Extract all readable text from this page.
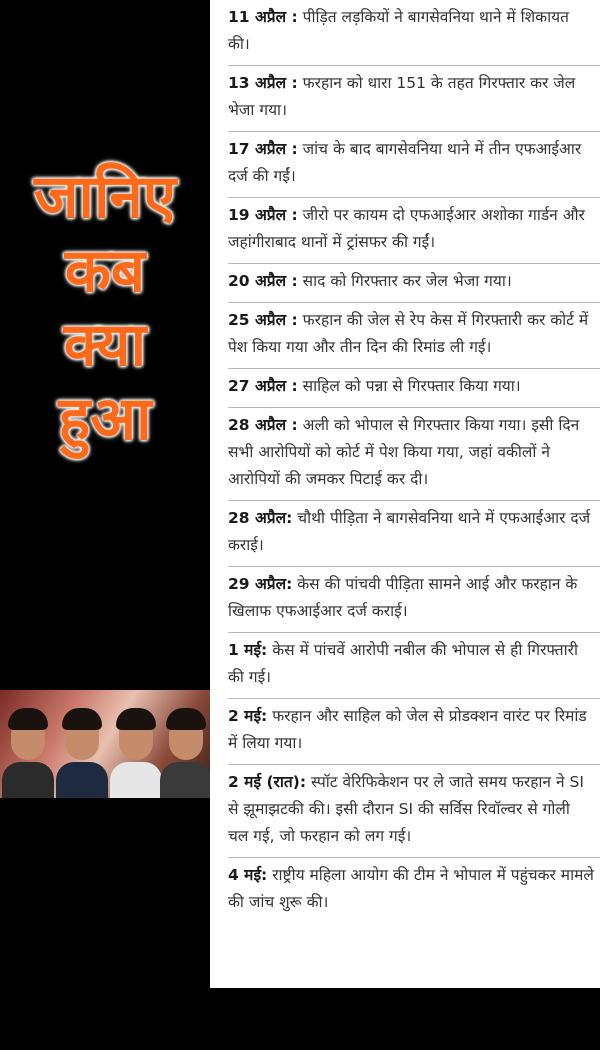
जानिए
कब
क्या
हुआ
11 अप्रैल : पीड़ित लड़कियों ने बागसेवनिया थाने में शिकायत की।
13 अप्रैल : फरहान को धारा 151 के तहत गिरफ्तार कर जेल भेजा गया।
17 अप्रैल : जांच के बाद बागसेवनिया थाने में तीन एफआईआर दर्ज की गईं।
19 अप्रैल : जीरो पर कायम दो एफआईआर अशोका गार्डन और जहांगीराबाद थानों में ट्रांसफर की गईं।
20 अप्रैल : साद को गिरफ्तार कर जेल भेजा गया।
25 अप्रैल : फरहान की जेल से रेप केस में गिरफ्तारी कर कोर्ट में पेश किया गया और तीन दिन की रिमांड ली गई।
27 अप्रैल : साहिल को पन्ना से गिरफ्तार किया गया।
28 अप्रैल : अली को भोपाल से गिरफ्तार किया गया। इसी दिन सभी आरोपियों को कोर्ट में पेश किया गया, जहां वकीलों ने आरोपियों की जमकर पिटाई कर दी।
28 अप्रैल: चौथी पीड़िता ने बागसेवनिया थाने में एफआईआर दर्ज कराई।
29 अप्रैल: केस की पांचवी पीड़िता सामने आई और फरहान के खिलाफ एफआईआर दर्ज कराई।
1 मई: केस में पांचवें आरोपी नबील की भोपाल से ही गिरफ्तारी की गई।
2 मई: फरहान और साहिल को जेल से प्रोडक्शन वारंट पर रिमांड में लिया गया।
2 मई (रात): स्पॉट वेरिफिकेशन पर ले जाते समय फरहान ने SI से झूमाझटकी की। इसी दौरान SI की सर्विस रिवॉल्वर से गोली चल गई, जो फरहान को लग गई।
4 मई: राष्ट्रीय महिला आयोग की टीम ने भोपाल में पहुंचकर मामले की जांच शुरू की।
